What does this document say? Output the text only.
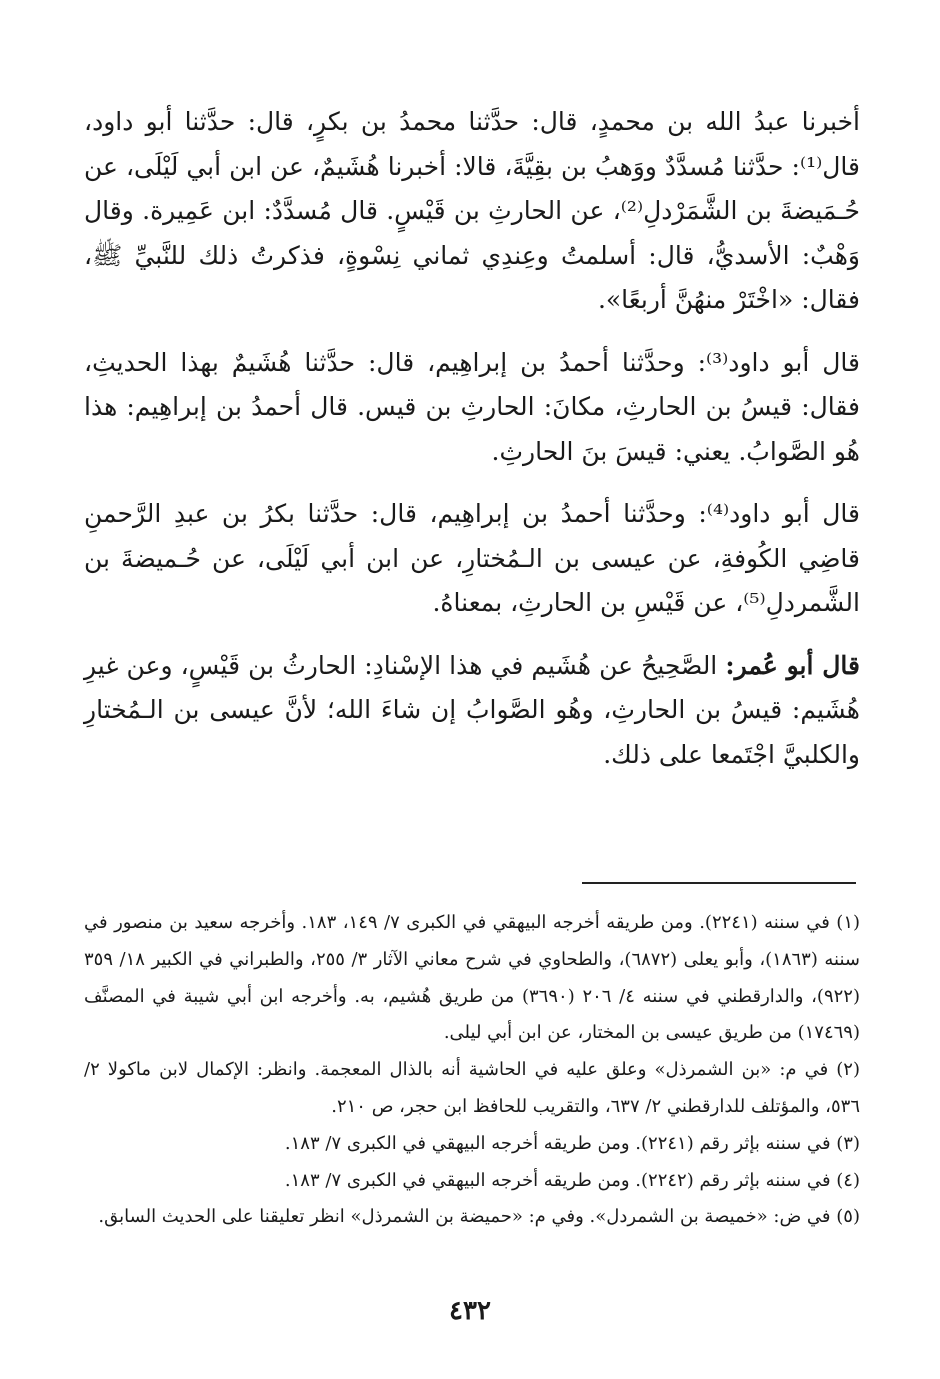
أخبرنا عبدُ الله بن محمدٍ، قال: حدَّثنا محمدُ بن بكرٍ، قال: حدَّثنا أبو داود، قال⁽¹⁾: حدَّثنا مُسدَّدٌ ووَهبُ بن بقِيَّةَ، قالا: أخبرنا هُشَيمٌ، عن ابن أبي لَيْلَى، عن حُـمَيضةَ بن الشَّمَرْدلِ⁽²⁾، عن الحارثِ بن قَيْسٍ. قال مُسدَّدٌ: ابن عَمِيرة. وقال وَهْبٌ: الأسديُّ، قال: أسلمتُ وعِندِي ثماني نِسْوةٍ، فذكرتُ ذلك للنَّبيِّ ﷺ، فقال: «اخْتَرْ منهُنَّ أربعًا».

قال أبو داود⁽³⁾: وحدَّثنا أحمدُ بن إبراهِيم، قال: حدَّثنا هُشَيمٌ بهذا الحديثِ، فقال: قيسُ بن الحارثِ، مكانَ: الحارثِ بن قيس. قال أحمدُ بن إبراهِيم: هذا هُو الصَّوابُ. يعني: قيسَ بنَ الحارثِ.

قال أبو داود⁽⁴⁾: وحدَّثنا أحمدُ بن إبراهِيم، قال: حدَّثنا بكرُ بن عبدِ الرَّحمنِ قاضِي الكُوفةِ، عن عيسى بن الـمُختارِ، عن ابن أبي لَيْلَى، عن حُـميضةَ بن الشَّمردلِ⁽⁵⁾، عن قَيْسِ بن الحارثِ، بمعناهُ.

قال أبو عُمر: الصَّحِيحُ عن هُشَيم في هذا الإسْنادِ: الحارثُ بن قَيْسٍ، وعن غيرِ هُشَيم: قيسُ بن الحارثِ، وهُو الصَّوابُ إن شاءَ الله؛ لأنَّ عيسى بن الـمُختارِ والكلبيَّ اجْتَمعا على ذلك.

(١) في سننه (٢٢٤١). ومن طريقه أخرجه البيهقي في الكبرى ٧/ ١٤٩، ١٨٣. وأخرجه سعيد بن منصور في سننه (١٨٦٣)، وأبو يعلى (٦٨٧٢)، والطحاوي في شرح معاني الآثار ٣/ ٢٥٥، والطبراني في الكبير ١٨/ ٣٥٩ (٩٢٢)، والدارقطني في سننه ٤/ ٢٠٦ (٣٦٩٠) من طريق هُشيم، به. وأخرجه ابن أبي شيبة في المصنَّف (١٧٤٦٩) من طريق عيسى بن المختار، عن ابن أبي ليلى.

(٢) في م: «بن الشمرذل» وعلق عليه في الحاشية أنه بالذال المعجمة. وانظر: الإكمال لابن ماكولا ٢/ ٥٣٦، والمؤتلف للدارقطني ٢/ ٦٣٧، والتقريب للحافظ ابن حجر، ص ٢١٠.

(٣) في سننه بإثر رقم (٢٢٤١). ومن طريقه أخرجه البيهقي في الكبرى ٧/ ١٨٣.

(٤) في سننه بإثر رقم (٢٢٤٢). ومن طريقه أخرجه البيهقي في الكبرى ٧/ ١٨٣.

(٥) في ض: «خميصة بن الشمردل». وفي م: «حميضة بن الشمرذل» انظر تعليقنا على الحديث السابق.

٤٣٢
